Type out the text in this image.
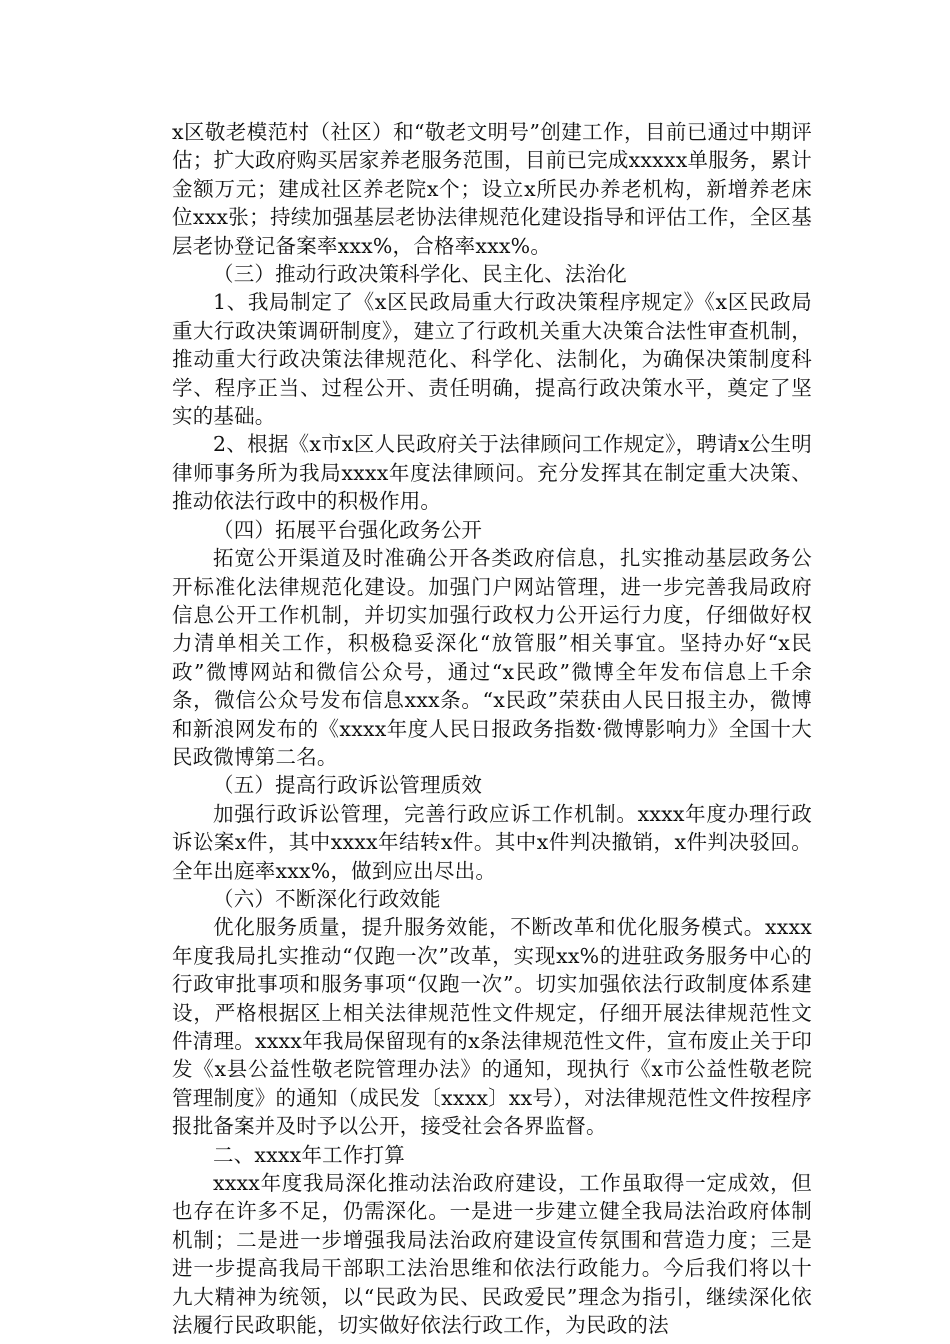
x区敬老模范村（社区）和“敬老文明号”创建工作，目前已通过中期评估；扩大政府购买居家养老服务范围，目前已完成xxxxx单服务，累计金额万元；建成社区养老院x个；设立x所民办养老机构，新增养老床位xxx张；持续加强基层老协法律规范化建设指导和评估工作，全区基层老协登记备案率xxx%，合格率xxx%。

（三）推动行政决策科学化、民主化、法治化

1、我局制定了《x区民政局重大行政决策程序规定》《x区民政局重大行政决策调研制度》，建立了行政机关重大决策合法性审查机制，推动重大行政决策法律规范化、科学化、法制化，为确保决策制度科学、程序正当、过程公开、责任明确，提高行政决策水平，奠定了坚实的基础。

2、根据《x市x区人民政府关于法律顾问工作规定》，聘请x公生明律师事务所为我局xxxx年度法律顾问。充分发挥其在制定重大决策、推动依法行政中的积极作用。

（四）拓展平台强化政务公开

拓宽公开渠道及时准确公开各类政府信息，扎实推动基层政务公开标准化法律规范化建设。加强门户网站管理，进一步完善我局政府信息公开工作机制，并切实加强行政权力公开运行力度，仔细做好权力清单相关工作，积极稳妥深化“放管服”相关事宜。坚持办好“x民政”微博网站和微信公众号，通过“x民政”微博全年发布信息上千余条，微信公众号发布信息xxx条。“x民政”荣获由人民日报主办，微博和新浪网发布的《xxxx年度人民日报政务指数·微博影响力》全国十大民政微博第二名。

（五）提高行政诉讼管理质效

加强行政诉讼管理，完善行政应诉工作机制。xxxx年度办理行政诉讼案x件，其中xxxx年结转x件。其中x件判决撤销，x件判决驳回。全年出庭率xxx%，做到应出尽出。

（六）不断深化行政效能

优化服务质量，提升服务效能，不断改革和优化服务模式。xxxx年度我局扎实推动“仅跑一次”改革，实现xx%的进驻政务服务中心的行政审批事项和服务事项“仅跑一次”。切实加强依法行政制度体系建设，严格根据区上相关法律规范性文件规定，仔细开展法律规范性文件清理。xxxx年我局保留现有的x条法律规范性文件，宣布废止关于印发《x县公益性敬老院管理办法》的通知，现执行《x市公益性敬老院管理制度》的通知（成民发〔xxxx〕xx号），对法律规范性文件按程序报批备案并及时予以公开，接受社会各界监督。

二、xxxx年工作打算

xxxx年度我局深化推动法治政府建设，工作虽取得一定成效，但也存在许多不足，仍需深化。一是进一步建立健全我局法治政府体制机制；二是进一步增强我局法治政府建设宣传氛围和营造力度；三是进一步提高我局干部职工法治思维和依法行政能力。今后我们将以十九大精神为统领，以“民政为民、民政爱民”理念为指引，继续深化依法履行民政职能，切实做好依法行政工作，为民政的法
